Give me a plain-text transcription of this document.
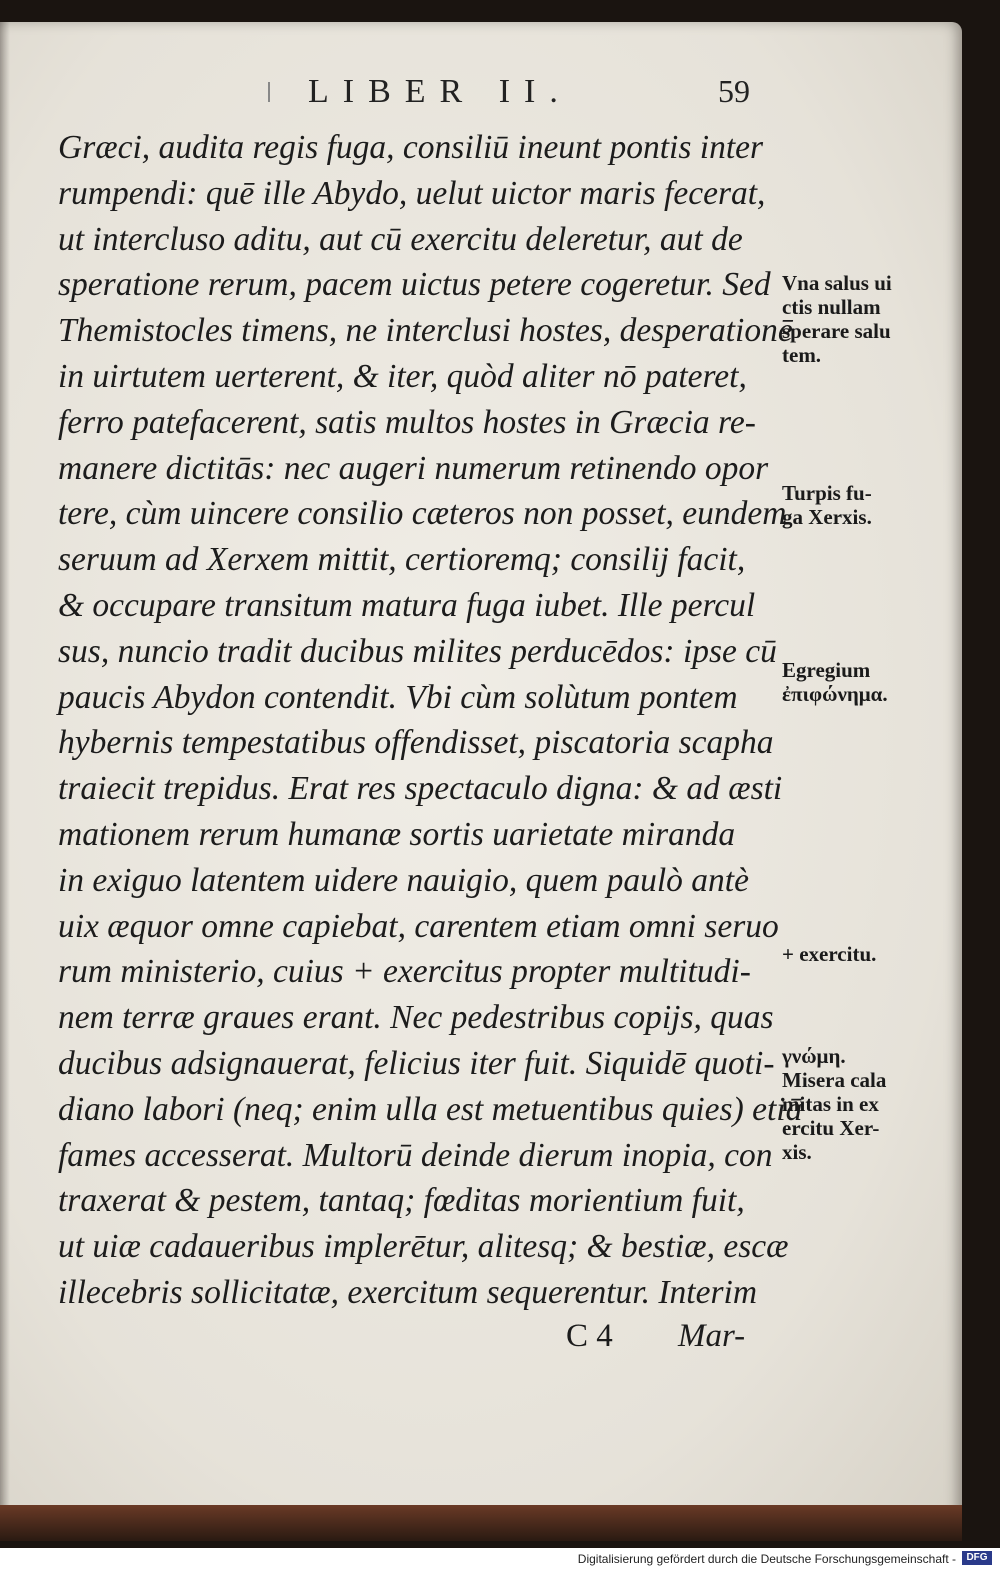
LIBER II.	59
Græci, audita regis fuga, consiliū ineunt pontis inter
rumpendi: quē ille Abydo, uelut uictor maris fecerat,
ut intercluso aditu, aut cū exercitu deleretur, aut de
speratione rerum, pacem uictus petere cogeretur. Sed
Themistocles timens, ne interclusi hostes, desperationē
in uirtutem uerterent, & iter, quòd aliter nō pateret,
ferro patefacerent, satis multos hostes in Græcia re-
manere dictitās: nec augeri numerum retinendo opor
tere, cùm uincere consilio cæteros non posset, eundem
seruum ad Xerxem mittit, certioremq; consilij facit,
& occupare transitum matura fuga iubet. Ille percul
sus, nuncio tradit ducibus milites perducēdos: ipse cū
paucis Abydon contendit. Vbi cùm solùtum pontem
hybernis tempestatibus offendisset, piscatoria scapha
traiecit trepidus. Erat res spectaculo digna: & ad æsti
mationem rerum humanæ sortis uarietate miranda
in exiguo latentem uidere nauigio, quem paulò antè
uix æquor omne capiebat, carentem etiam omni seruo
rum ministerio, cuius + exercitus propter multitudi-
nem terræ graues erant. Nec pedestribus copijs, quas
ducibus adsignauerat, felicius iter fuit. Siquidē quoti-
diano labori (neq; enim ulla est metuentibus quies) etiā
fames accesserat. Multorū deinde dierum inopia, con
traxerat & pestem, tantaq; fœditas morientium fuit,
ut uiæ cadaueribus implerētur, alitesq; & bestiæ, escæ
illecebris sollicitatæ, exercitum sequerentur. Interim
Vna salus ui
ctis nullam
sperare salu
tem.
Turpis fu-
ga Xerxis.
Egregium
ἐπιφώνημα.
+ exercitu.
γνώμη.
Misera cala
mitas in ex
ercitu Xer-
xis.
C 4 Mar-
Digitalisierung gefördert durch die Deutsche Forschungsgemeinschaft -	DFG
